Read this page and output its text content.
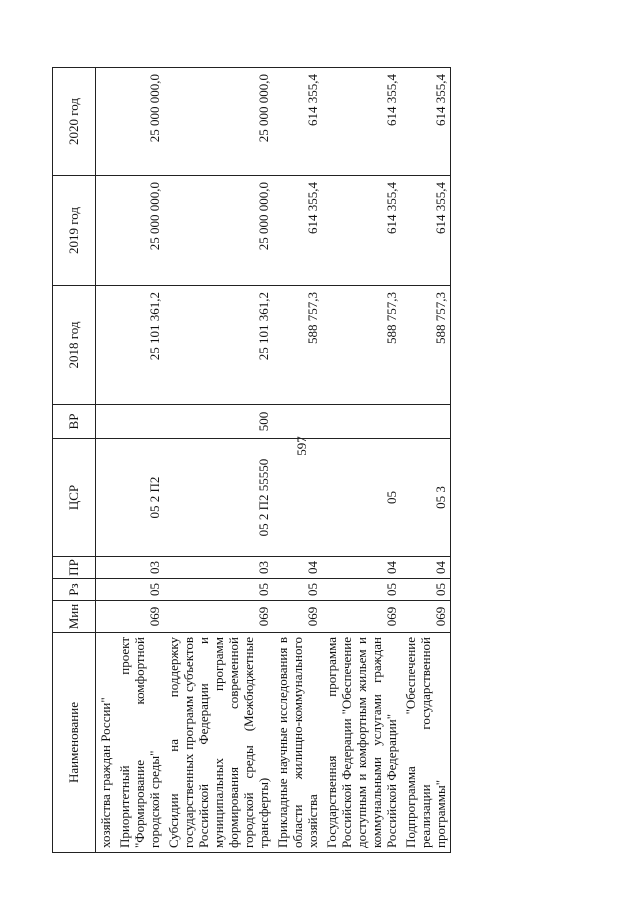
597
Наименование	Мин	Рз	ПР	ЦСР	ВР	2018 год	2019 год	2020 год
хозяйства граждан России"								
Приоритетный проект "Формирование комфортной городской среды"	069	05	03	05 2 П2		25 101 361,2	25 000 000,0	25 000 000,0
Субсидии на поддержку государственных программ субъектов Российской Федерации и муниципальных программ формирования современной городской среды (Межбюджетные трансферты)	069	05	03	05 2 П2 55550	500	25 101 361,2	25 000 000,0	25 000 000,0
Прикладные научные исследования в области жилищно-коммунального хозяйства	069	05	04			588 757,3	614 355,4	614 355,4
Государственная программа Российской Федерации "Обеспечение доступным и комфортным жильем и коммунальными услугами граждан Российской Федерации"	069	05	04	05		588 757,3	614 355,4	614 355,4
Подпрограмма "Обеспечение реализации государственной программы"	069	05	04	05 3		588 757,3	614 355,4	614 355,4
